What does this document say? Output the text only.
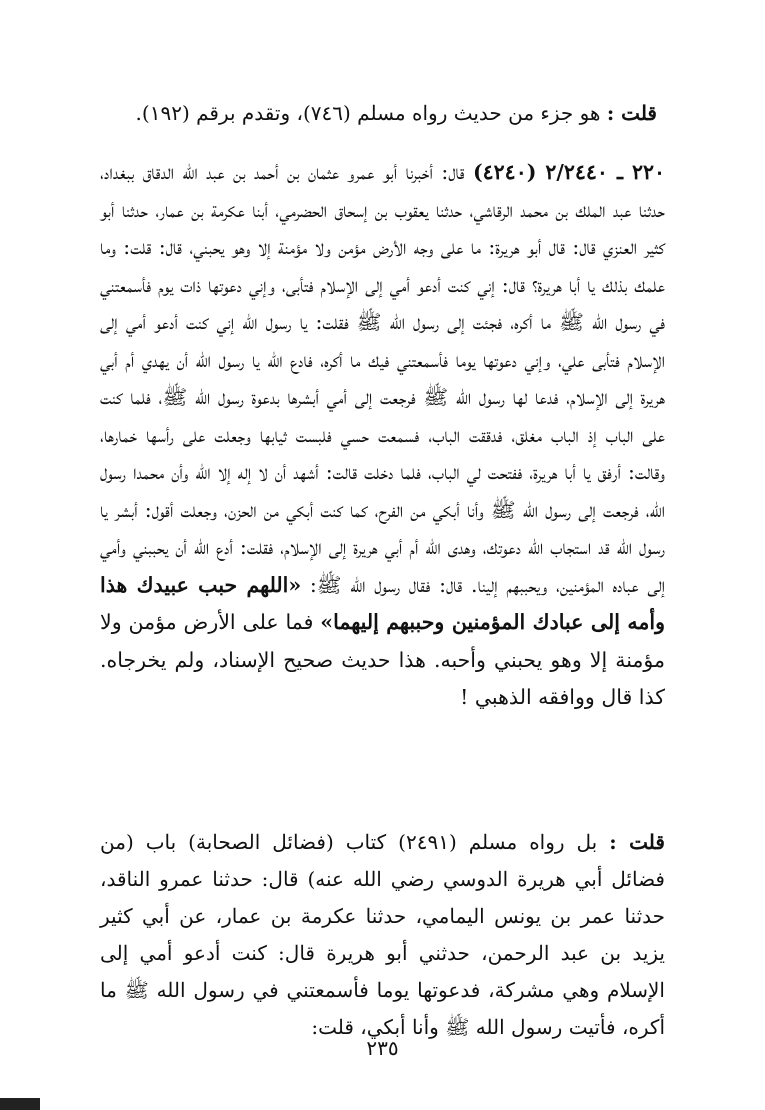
قلت : هو جزء من حديث رواه مسلم (٧٤٦)، وتقدم برقم (١٩٢).

٢٢٠ ـ ٢/٢٤٤٠ (٤٢٤٠) قال: أخبرنا أبو عمرو عثمان بن أحمد بن عبد الله الدقاق ببغداد، حدثنا عبد الملك بن محمد الرقاشي، حدثنا يعقوب بن إسحاق الحضرمي، أبنا عكرمة بن عمار، حدثنا أبو كثير العنزي قال: قال أبو هريرة: ما على وجه الأرض مؤمن ولا مؤمنة إلا وهو يحبني، قال: قلت: وما علمك بذلك يا أبا هريرة؟ قال: إني كنت أدعو أمي إلى الإسلام فتأبى، وإني دعوتها ذات يوم فأسمعتني في رسول الله ﷺ ما أكره، فجئت إلى رسول الله ﷺ فقلت: يا رسول الله إني كنت أدعو أمي إلى الإسلام فتأبى علي، وإني دعوتها يوما فأسمعتني فيك ما أكره، فادع الله يا رسول الله أن يهدي أم أبي هريرة إلى الإسلام، فدعا لها رسول الله ﷺ فرجعت إلى أمي أبشرها بدعوة رسول الله ﷺ، فلما كنت على الباب إذ الباب مغلق، فدققت الباب، فسمعت حسي فلبست ثيابها وجعلت على رأسها خمارها، وقالت: أرفق يا أبا هريرة، ففتحت لي الباب، فلما دخلت قالت: أشهد أن لا إله إلا الله وأن محمدا رسول الله، فرجعت إلى رسول الله ﷺ وأنا أبكي من الفرح، كما كنت أبكي من الحزن، وجعلت أقول: أبشر يا رسول الله قد استجاب الله دعوتك، وهدى الله أم أبي هريرة إلى الإسلام، فقلت: أدع الله أن يحببني وأمي إلى عباده المؤمنين، ويحببهم إلينا. قال: فقال رسول الله ﷺ: «اللهم حبب عبيدك هذا وأمه إلى عبادك المؤمنين وحببهم إليهما» فما على الأرض مؤمن ولا مؤمنة إلا وهو يحبني وأحبه. هذا حديث صحيح الإسناد، ولم يخرجاه. كذا قال ووافقه الذهبي !

قلت : بل رواه مسلم (٢٤٩١) كتاب (فضائل الصحابة) باب (من فضائل أبي هريرة الدوسي رضي الله عنه) قال: حدثنا عمرو الناقد، حدثنا عمر بن يونس اليمامي، حدثنا عكرمة بن عمار، عن أبي كثير يزيد بن عبد الرحمن، حدثني أبو هريرة قال: كنت أدعو أمي إلى الإسلام وهي مشركة، فدعوتها يوما فأسمعتني في رسول الله ﷺ ما أكره، فأتيت رسول الله ﷺ وأنا أبكي، قلت:

٢٣٥
